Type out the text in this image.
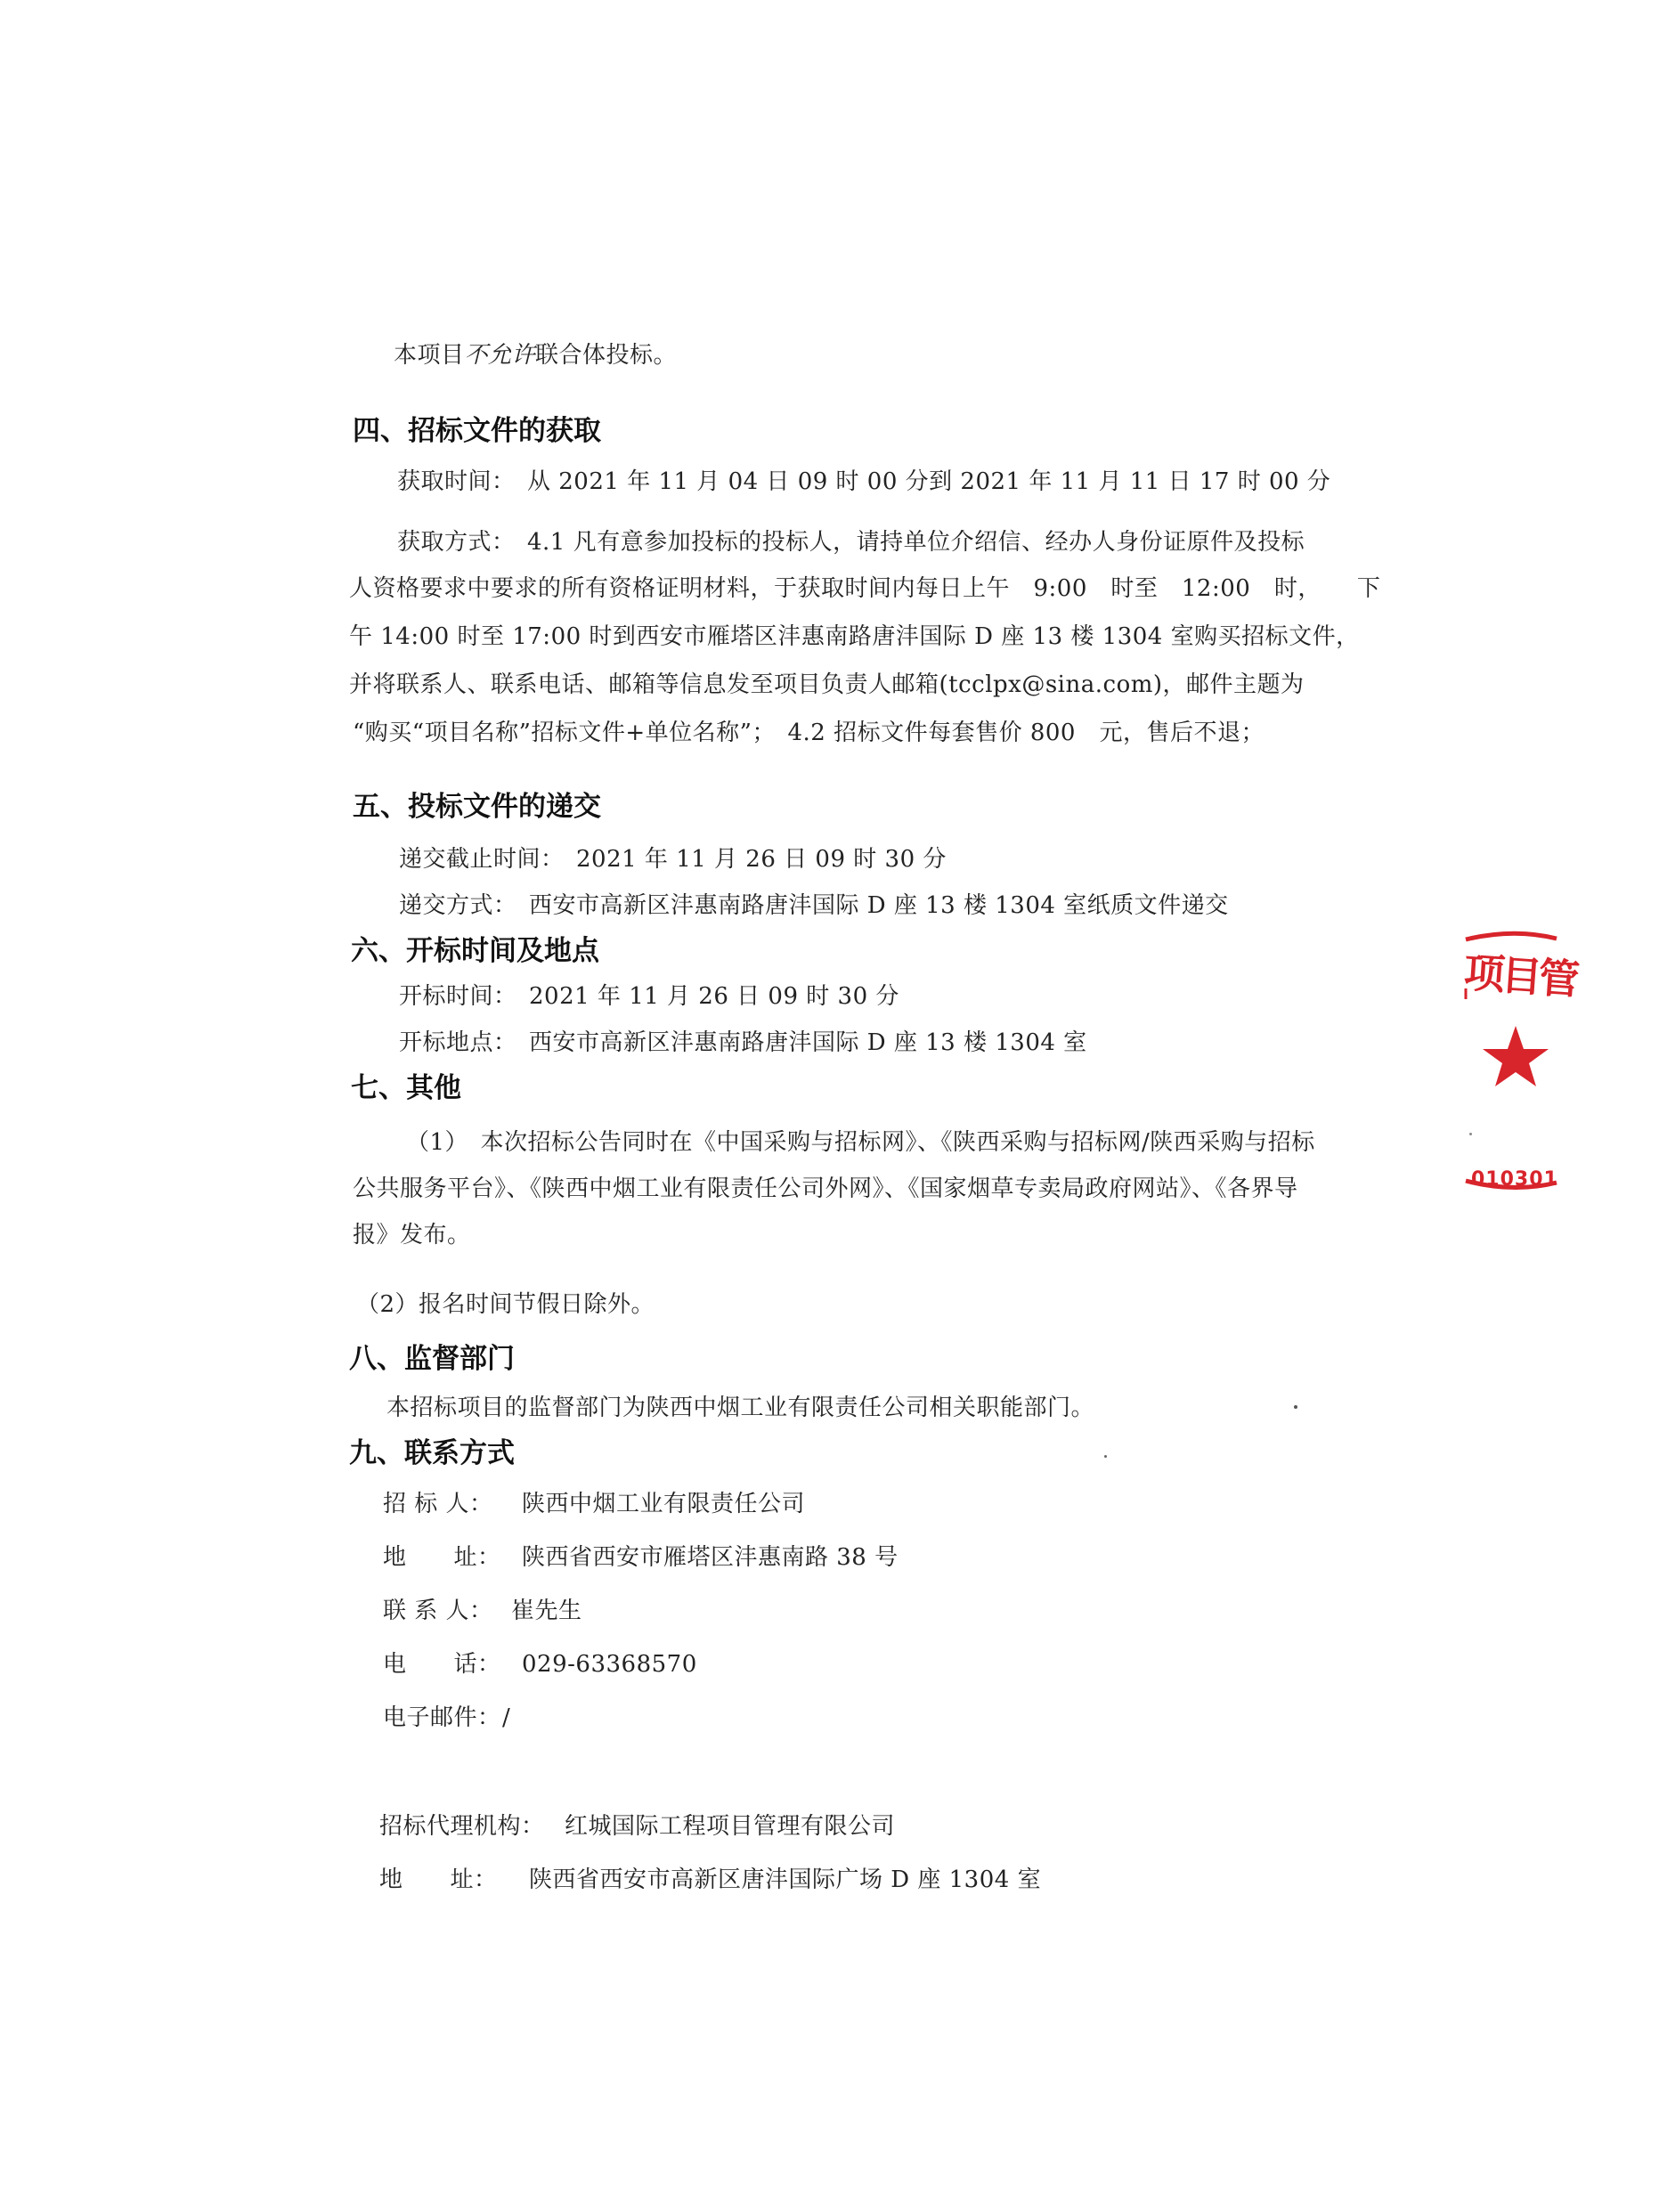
本项目不允许联合体投标。
四、招标文件的获取
获取时间：　从 2021 年 11 月 04 日 09 时 00 分到 2021 年 11 月 11 日 17 时 00 分
获取方式：　4.1 凡有意参加投标的投标人，请持单位介绍信、经办人身份证原件及投标
人资格要求中要求的所有资格证明材料，于获取时间内每日上午　9:00　时至　12:00　时，　　下
午 14:00 时至 17:00 时到西安市雁塔区沣惠南路唐沣国际 D 座 13 楼 1304 室购买招标文件，
并将联系人、联系电话、邮箱等信息发至项目负责人邮箱(tcclpx@sina.com)，邮件主题为
“购买“项目名称”招标文件+单位名称”；　4.2 招标文件每套售价 800　元，售后不退；
五、投标文件的递交
递交截止时间：　2021 年 11 月 26 日 09 时 30 分
递交方式：　西安市高新区沣惠南路唐沣国际 D 座 13 楼 1304 室纸质文件递交
六、开标时间及地点
开标时间：　2021 年 11 月 26 日 09 时 30 分
开标地点：　西安市高新区沣惠南路唐沣国际 D 座 13 楼 1304 室
七、其他
（1）　本次招标公告同时在《中国采购与招标网》、《陕西采购与招标网/陕西采购与招标
公共服务平台》、《陕西中烟工业有限责任公司外网》、《国家烟草专卖局政府网站》、《各界导
报》发布。
（2）报名时间节假日除外。
八、监督部门
本招标项目的监督部门为陕西中烟工业有限责任公司相关职能部门。
九、联系方式
招 标 人： 陕西中烟工业有限责任公司
地　　址： 陕西省西安市雁塔区沣惠南路 38 号
联 系 人： 崔先生
电　　话： 029-63368570
电子邮件：/
招标代理机构： 红城国际工程项目管理有限公司
地　　址： 陕西省西安市高新区唐沣国际广场 D 座 1304 室
项目管
010301
